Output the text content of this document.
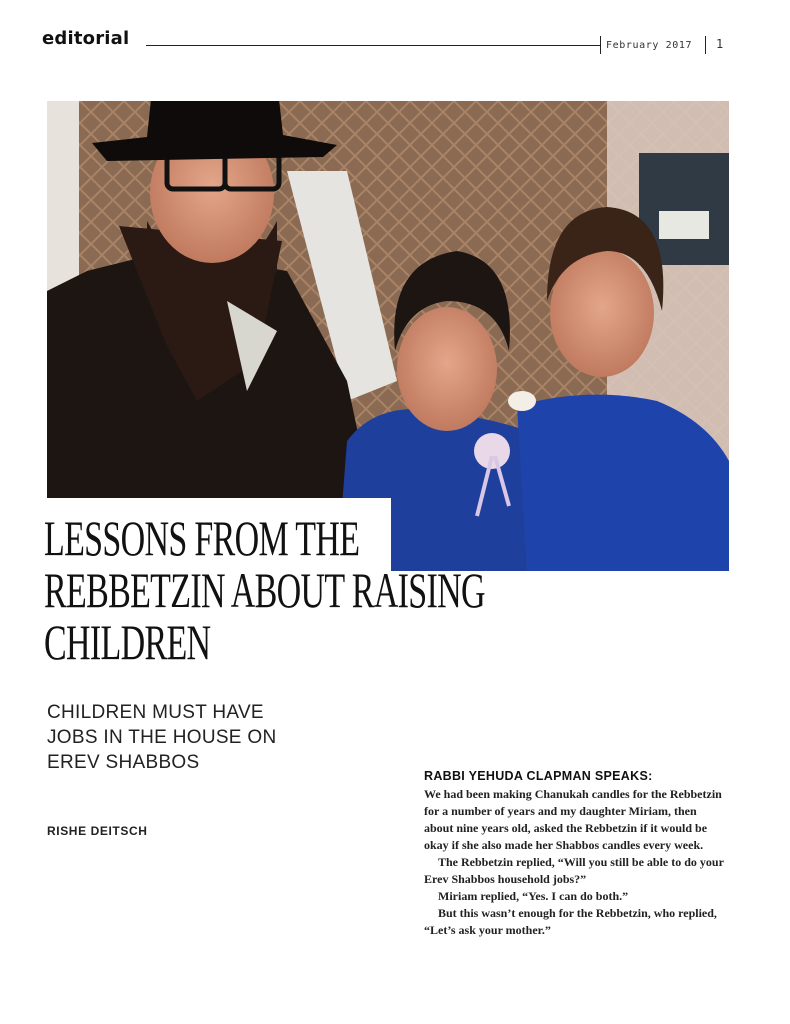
editorial	February 2017 1
LESSONS FROM THE
REBBETZIN ABOUT RAISING
CHILDREN
CHILDREN MUST HAVE JOBS IN THE HOUSE ON EREV SHABBOS
RISHE DEITSCH
RABBI YEHUDA CLAPMAN SPEAKS:

We had been making Chanukah candles for the Rebbetzin for a number of years and my daughter Miriam, then about nine years old, asked the Rebbetzin if it would be okay if she also made her Shabbos candles every week.

The Rebbetzin replied, “Will you still be able to do your Erev Shabbos household jobs?”

Miriam replied, “Yes. I can do both.”

But this wasn’t enough for the Rebbetzin, who replied, “Let’s ask your mother.”
